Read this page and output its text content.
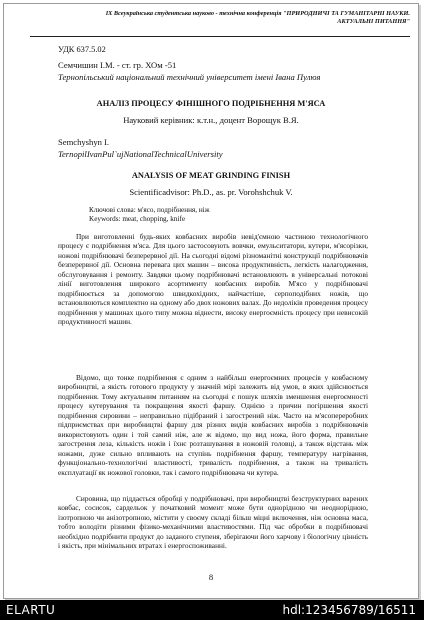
IX Всеукраїнська студентська науково - технічна конференція "ПРИРОДНИЧІ ТА ГУМАНІТАРНІ НАУКИ.
АКТУАЛЬНІ ПИТАННЯ"

УДК 637.5.02

Семчишин І.М. - ст. гр. ХОм -51

Тернопільський національний технічний університет імені Івана Пулюя

АНАЛІЗ ПРОЦЕСУ ФІНІШНОГО ПОДРІБНЕННЯ М'ЯСА

Науковий керівник: к.т.н., доцент Ворощук В.Я.

Semchyshyn I.

TernopilIvanPul`ujNationalTechnicalUniversity

ANALYSIS OF MEAT GRINDING FINISH

Scientificadvisor: Ph.D., as. pr. Vorohshchuk V.

Ключові слова: м'ясо, подрібнення, ніж

Keywords: meat, chopping, knife

При виготовленні будь-яких ковбасних виробів невід'ємною частиною технологічного процесу є подрібнення м'яса. Для цього застосовують вовчки, емульситатори, кутери, м'ясорізки, ножові подрібнювачі безперервної дії. На сьогодні відомі різноманітні конструкції подрібнювачів безперервної дії. Основна перевага цих машин – висока продуктивність, легкість налагодження, обслуговування і ремонту. Завдяки цьому подрібнювачі встановлюють в універсальні потокові лінії виготовлення широкого асортименту ковбасних виробів. М'ясо у подрібнювачі подрібнюється за допомогою швидкохідних, найчастіше, серпоподібних ножів, що встановлюються комплектно на одному або двох ножових валах. До недоліків проведення процесу подрібнення у машинах цього типу можна віднести, високу енергоємність процесу при невисокій продуктивності машин.

Відомо, що тонке подрібнення є одним з найбільш енергоємних процесів у ковбасному виробництві, а якість готового продукту у значній мірі залежить від умов, в яких здійснюється подрібнення. Тому актуальним питанням на сьогодні є пошук шляхів зменшення енергоємності процесу кутерування та покращення якості фаршу. Однією з причин погіршення якості подрібнення сировини – неправильно підібраний і загострений ніж. Часто на м'ясопереробних підприємствах при виробництві фаршу для різних видів ковбасних виробів з подрібнювачів використовують один і той самий ніж, але ж відомо, що вид ножа, його форма, правильне загострення леза, кількість ножів і їхнє розташування в ножовій головці, а також відстань між ножами, дуже сильно впливають на ступінь подрібнення фаршу, температуру нагрівання, функціонально-технологічні властивості, тривалість подрібнення, а також на тривалість експлуатації як ножової головки, так і самого подрібнювача чи кутера.

Сировина, що піддається обробці у подрібнювачі, при виробництві безструктурних варених ковбас, сосисок, сардельок у початковий момент може бути однорідною чи неоднорідною, ізотропною чи анізотропною, містити у своєму складі більш міцні включення, ніж основна маса, тобто володіти різними фізико-механічними властивостями. Під час обробки в подрібнювачі необхідно подрібнити продукт до заданого ступеня, зберігаючи його харчову і біологічну цінність і якість, при мінімальних втратах і енергоспоживанні.

8

ELARTU	hdl:123456789/16511
